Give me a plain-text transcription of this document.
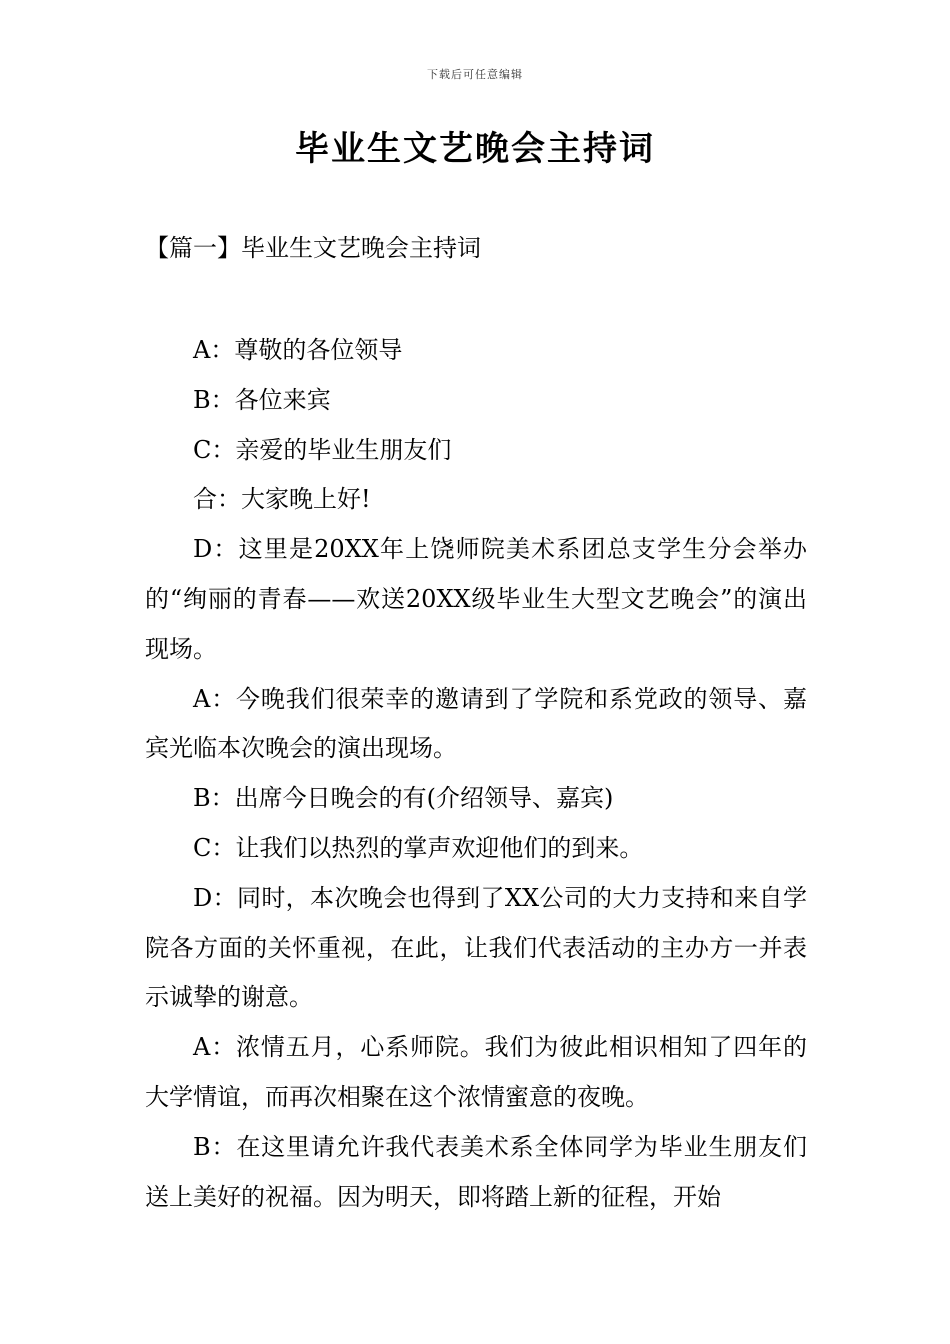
下载后可任意编辑
毕业生文艺晚会主持词
【篇一】毕业生文艺晚会主持词

A：尊敬的各位领导

B：各位来宾

C：亲爱的毕业生朋友们

合：大家晚上好!

D：这里是20XX年上饶师院美术系团总支学生分会举办的“绚丽的青春——欢送20XX级毕业生大型文艺晚会”的演出现场。

A：今晚我们很荣幸的邀请到了学院和系党政的领导、嘉宾光临本次晚会的演出现场。

B：出席今日晚会的有(介绍领导、嘉宾)

C：让我们以热烈的掌声欢迎他们的到来。

D：同时，本次晚会也得到了XX公司的大力支持和来自学院各方面的关怀重视，在此，让我们代表活动的主办方一并表示诚挚的谢意。

A：浓情五月，心系师院。我们为彼此相识相知了四年的大学情谊，而再次相聚在这个浓情蜜意的夜晚。

B：在这里请允许我代表美术系全体同学为毕业生朋友们送上美好的祝福。因为明天，即将踏上新的征程，开始
